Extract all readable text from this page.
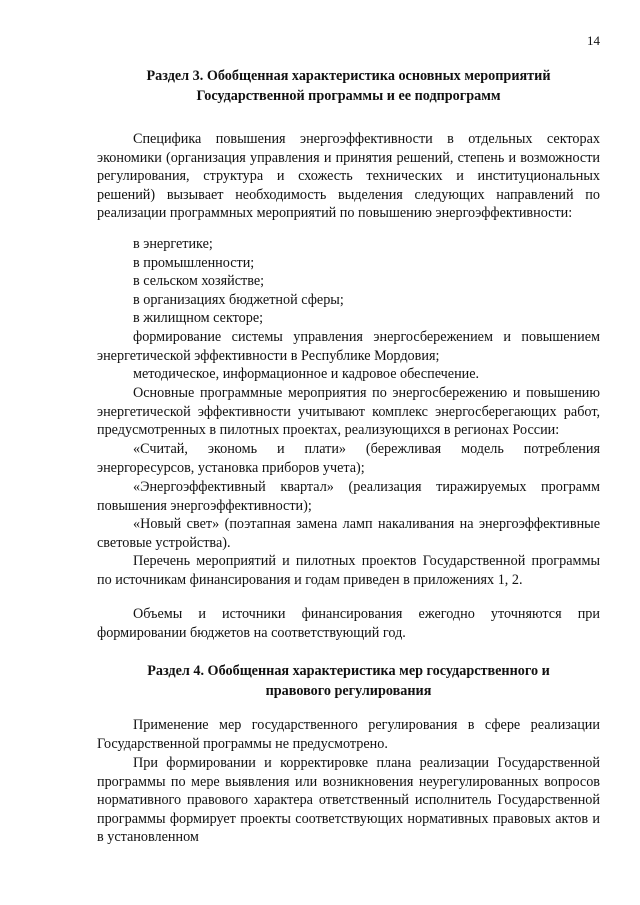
14
Раздел 3. Обобщенная характеристика основных мероприятий
Государственной программы и ее подпрограмм

Специфика повышения энергоэффективности в отдельных секторах экономики (организация управления и принятия решений, степень и возможности регулирования, структура и схожесть технических и институциональных решений) вызывает необходимость выделения следующих направлений по реализации программных мероприятий по повышению энергоэффективности:

в энергетике;

в промышленности;

в сельском хозяйстве;

в организациях бюджетной сферы;

в жилищном секторе;

формирование системы управления энергосбережением и повышением энергетической эффективности в Республике Мордовия;

методическое, информационное и кадровое обеспечение.

Основные программные мероприятия по энергосбережению и повышению энергетической эффективности учитывают комплекс энергосберегающих работ, предусмотренных в пилотных проектах, реализующихся в регионах России:

«Считай, экономь и плати» (бережливая модель потребления энергоресурсов, установка приборов учета);

«Энергоэффективный квартал» (реализация тиражируемых программ повышения энергоэффективности);

«Новый свет» (поэтапная замена ламп накаливания на энергоэффективные световые устройства).

Перечень мероприятий и пилотных проектов Государственной программы по источникам финансирования и годам приведен в приложениях 1, 2.

Объемы и источники финансирования ежегодно уточняются при формировании бюджетов на соответствующий год.

Раздел 4. Обобщенная характеристика мер государственного и
правового регулирования

Применение мер государственного регулирования в сфере реализации Государственной программы не предусмотрено.

При формировании и корректировке плана реализации Государственной программы по мере выявления или возникновения неурегулированных вопросов нормативного правового характера ответственный исполнитель Государственной программы формирует проекты соответствующих нормативных правовых актов и в установленном
